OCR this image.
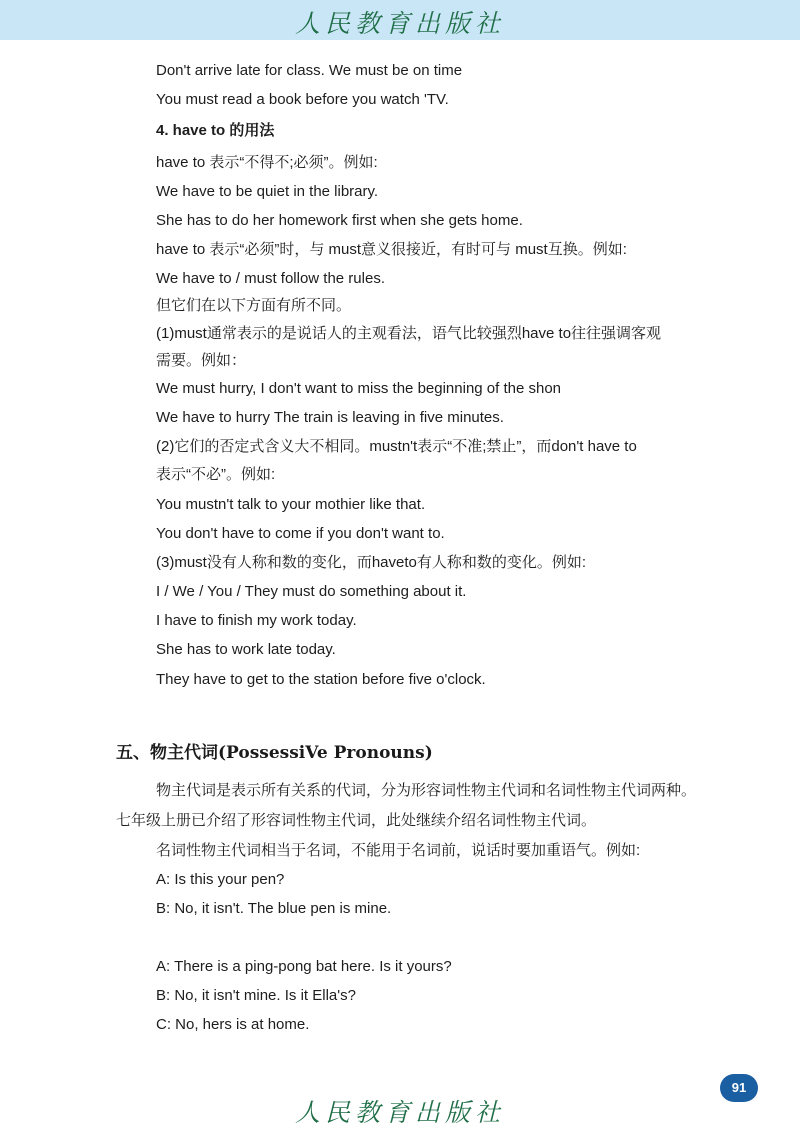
人民教育出版社
Don't arrive late for class. We must be on time
You must read a book before you watch 'TV.
4. have to 的用法
have to 表示“不得不;必须”。例如:
We have to be quiet in the library.
She has to do her homework first when she gets home.
have to 表示“必须”时，与 must意义很接近，有时可与 must互换。例如:
We have to / must follow the rules.
但它们在以下方面有所不同。
(1)must通常表示的是说话人的主观看法，语气比较强烈have to往往强调客观
需要。例如：
We must hurry, I don't want to miss the beginning of the shon
We have to hurry The train is leaving in five minutes.
(2)它们的否定式含义大不相同。mustn't表示“不准;禁止”，而don't have to
表示“不必”。例如:
You mustn't talk to your mothier like that.
You don't have to come if you don't want to.
(3)must没有人称和数的变化，而haveto有人称和数的变化。例如:
I / We / You / They must do something about it.
I have to finish my work today.
She has to work late today.
They have to get to the station before five o'clock.
五、物主代词(PossessiVe Pronouns)
物主代词是表示所有关系的代词，分为形容词性物主代词和名词性物主代词两种。
七年级上册已介绍了形容词性物主代词，此处继续介绍名词性物主代词。
名词性物主代词相当于名词，不能用于名词前，说话时要加重语气。例如:
A: Is this your pen?
B: No, it isn't. The blue pen is mine.
A: There is a ping-pong bat here. Is it yours?
B: No, it isn't mine. Is it Ella's?
C: No, hers is at home.
91
人民教育出版社
